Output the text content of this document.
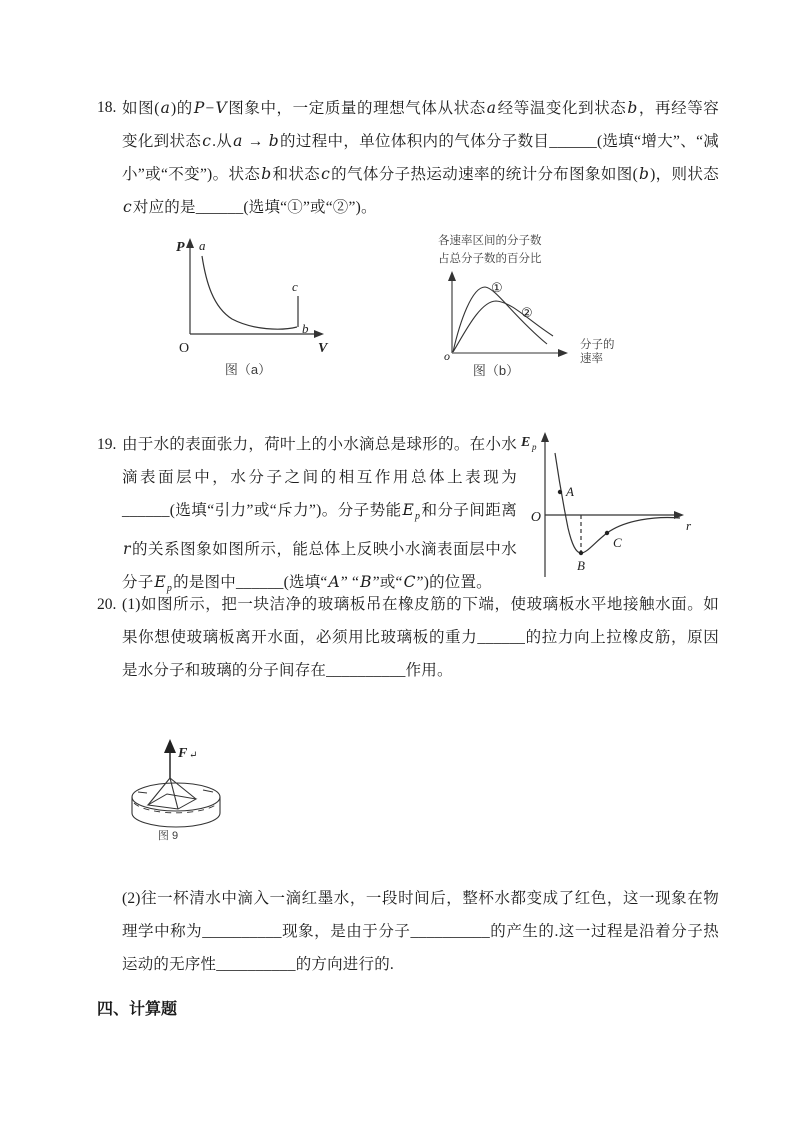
18. 如图(a)的P−V图象中，一定质量的理想气体从状态a经等温变化到状态b，再经等容变化到状态c.从a → b的过程中，单位体积内的气体分子数目______(选填“增大”、“减小”或“不变”)。状态b和状态c的气体分子热运动速率的统计分布图象如图(b)，则状态c对应的是______(选填“①”或“②”)。
P a
c
b
O	V
图（a）
各速率区间的分子数
占总分子数的百分比
o
①
②
分子的
速率
图（b）
19. 由于水的表面张力，荷叶上的小水滴总是球形的。在小水滴表面层中，水分子之间的相互作用总体上表现为______(选填“引力”或“斥力”)。分子势能$E_p$和分子间距离r的关系图象如图所示，能总体上反映小水滴表面层中水分子$E_p$的是图中______(选填“A” “B”或“C”)的位置。
E p
O
r
A
B
C
20. (1)如图所示，把一块洁净的玻璃板吊在橡皮筋的下端，使玻璃板水平地接触水面。如果你想使玻璃板离开水面，必须用比玻璃板的重力______的拉力向上拉橡皮筋，原因是水分子和玻璃的分子间存在__________作用。
F ↵
图 9
(2)往一杯清水中滴入一滴红墨水，一段时间后，整杯水都变成了红色，这一现象在物理学中称为__________现象，是由于分子__________的产生的.这一过程是沿着分子热运动的无序性__________的方向进行的.
四、计算题
